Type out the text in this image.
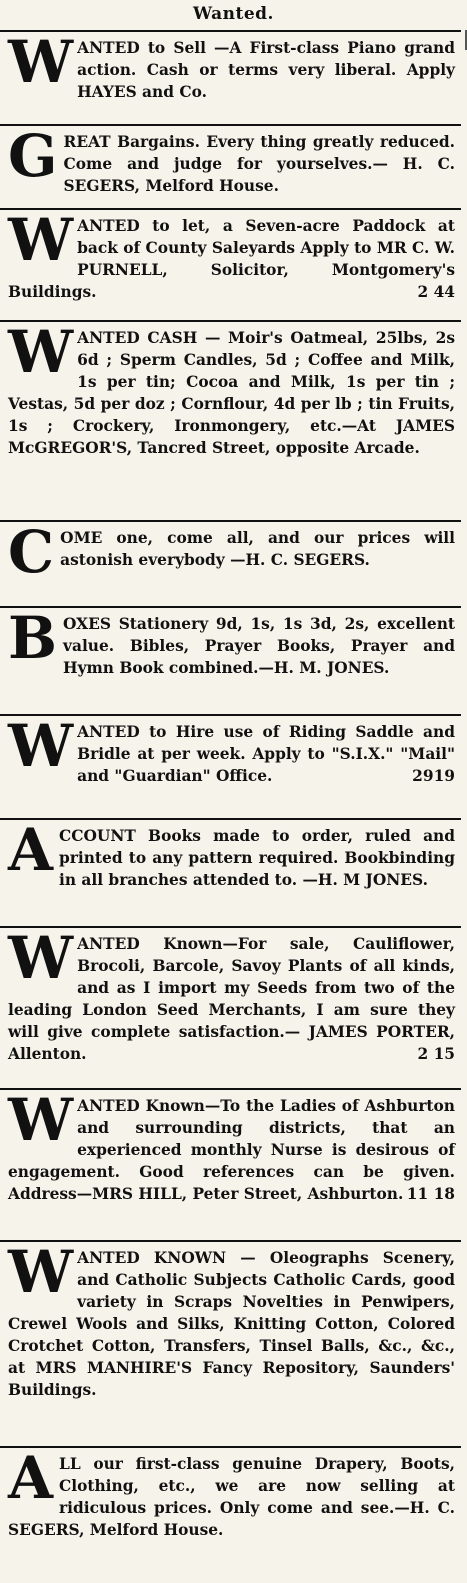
Wanted.
W ANTED to Sell —A First-class Piano grand action. Cash or terms very liberal. Apply HAYES and Co.
G REAT Bargains. Every thing greatly reduced. Come and judge for yourselves.— H. C. SEGERS, Melford House.
W ANTED to let, a Seven-acre Paddock at back of County Saleyards Apply to MR C. W. PURNELL, Solicitor, Montgomery's Buildings.	2 44
W ANTED CASH — Moir's Oatmeal, 25lbs, 2s 6d ; Sperm Candles, 5d ; Coffee and Milk, 1s per tin; Cocoa and Milk, 1s per tin ; Vestas, 5d per doz ; Cornflour, 4d per lb ; tin Fruits, 1s ; Crockery, Ironmongery, etc.—At JAMES McGREGOR'S, Tancred Street, opposite Arcade.
C OME one, come all, and our prices will astonish everybody —H. C. SEGERS.
B OXES Stationery 9d, 1s, 1s 3d, 2s, excellent value. Bibles, Prayer Books, Prayer and Hymn Book combined.—H. M. JONES.
W ANTED to Hire use of Riding Saddle and Bridle at per week. Apply to "S.I.X." "Mail" and "Guardian" Office.	2919
A CCOUNT Books made to order, ruled and printed to any pattern required. Bookbinding in all branches attended to. —H. M JONES.
W ANTED Known—For sale, Cauliflower, Brocoli, Barcole, Savoy Plants of all kinds, and as I import my Seeds from two of the leading London Seed Merchants, I am sure they will give complete satisfaction.— JAMES PORTER, Allenton.	2 15
W ANTED Known—To the Ladies of Ashburton and surrounding districts, that an experienced monthly Nurse is desirous of engagement. Good references can be given. Address—MRS HILL, Peter Street, Ashburton. 11 18
W ANTED KNOWN — Oleographs Scenery, and Catholic Subjects Catholic Cards, good variety in Scraps Novelties in Penwipers, Crewel Wools and Silks, Knitting Cotton, Colored Crotchet Cotton, Transfers, Tinsel Balls, &c., &c., at MRS MANHIRE'S Fancy Repository, Saunders' Buildings.
A LL our first-class genuine Drapery, Boots, Clothing, etc., we are now selling at ridiculous prices. Only come and see.—H. C. SEGERS, Melford House.
